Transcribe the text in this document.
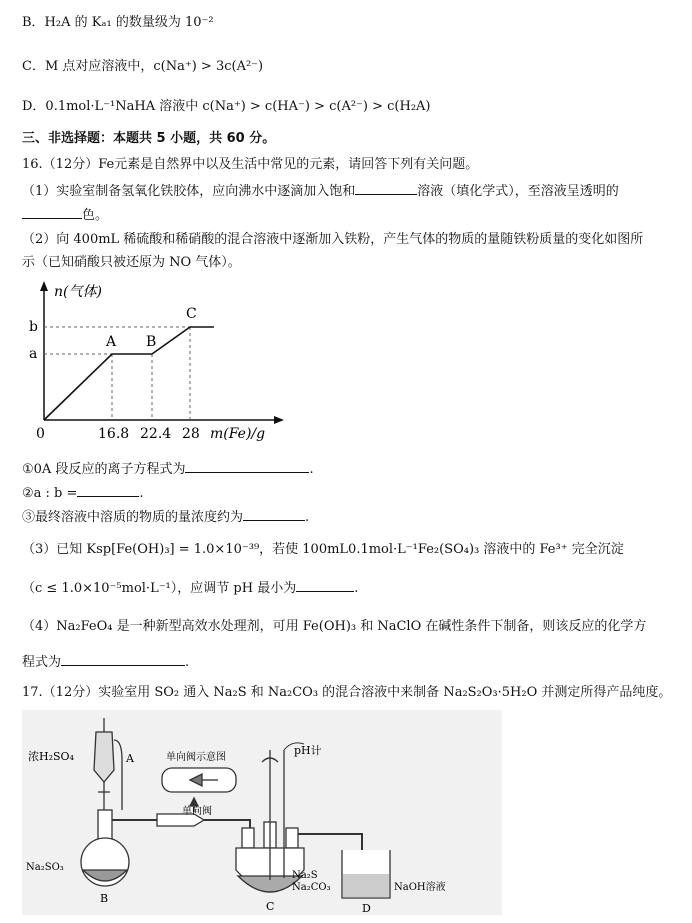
B．H₂A 的 Kₐ₁ 的数量级为 10⁻²
C．M 点对应溶液中，c(Na⁺) > 3c(A²⁻)
D．0.1mol·L⁻¹NaHA 溶液中 c(Na⁺) > c(HA⁻) > c(A²⁻) > c(H₂A)
三、非选择题：本题共 5 小题，共 60 分。
16.（12分）Fe元素是自然界中以及生活中常见的元素，请回答下列有关问题。
（1）实验室制备氢氧化铁胶体，应向沸水中逐滴加入饱和	溶液（填化学式），至溶液呈透明的
色。
（2）向 400mL 稀硫酸和稀硝酸的混合溶液中逐渐加入铁粉，产生气体的物质的量随铁粉质量的变化如图所
示（已知硝酸只被还原为 NO 气体）。
n(气体)
b
a
0	16.8 22.4 28 m(Fe)/g
A B
C
①0A 段反应的离子方程式为	.
②a : b =	.
③最终溶液中溶质的物质的量浓度约为	.
（3）已知 Ksp[Fe(OH)₃] = 1.0×10⁻³⁹，若使 100mL0.1mol·L⁻¹Fe₂(SO₄)₃ 溶液中的 Fe³⁺ 完全沉淀
（c ≤ 1.0×10⁻⁵mol·L⁻¹），应调节 pH 最小为	.
（4）Na₂FeO₄ 是一种新型高效水处理剂，可用 Fe(OH)₃ 和 NaClO 在碱性条件下制备，则该反应的化学方
程式为	.
17.（12分）实验室用 SO₂ 通入 Na₂S 和 Na₂CO₃ 的混合溶液中来制备 Na₂S₂O₃·5H₂O 并测定所得产品纯度。
浓H₂SO₄	A	单向阀示意图
单向阀
pH计
Na₂SO₃
B
Na₂S
Na₂CO₃
C
NaOH溶液
D
